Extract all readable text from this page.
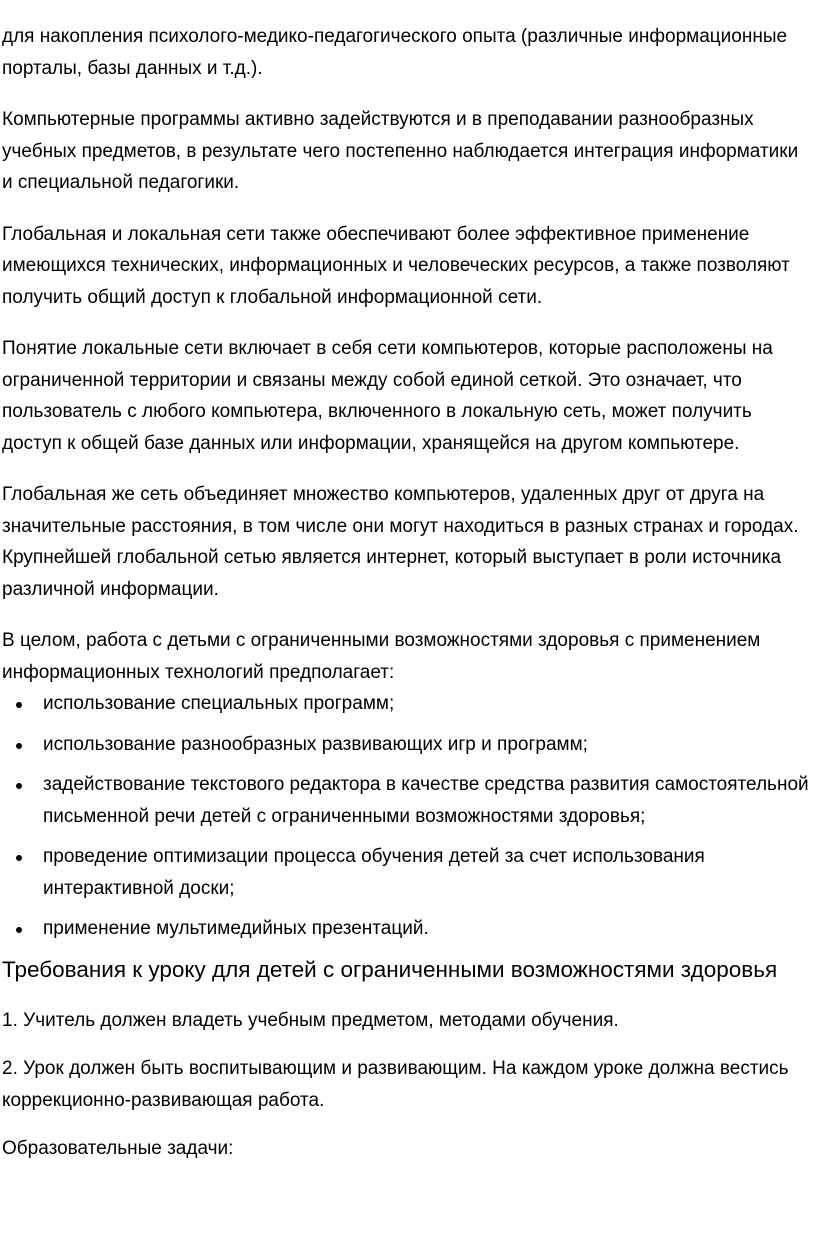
для накопления психолого-медико-педагогического опыта (различные информационные порталы, базы данных и т.д.).

Компьютерные программы активно задействуются и в преподавании разнообразных учебных предметов, в результате чего постепенно наблюдается интеграция информатики и специальной педагогики.

Глобальная и локальная сети также обеспечивают более эффективное применение имеющихся технических, информационных и человеческих ресурсов, а также позволяют получить общий доступ к глобальной информационной сети.

Понятие локальные сети включает в себя сети компьютеров, которые расположены на ограниченной территории и связаны между собой единой сеткой. Это означает, что пользователь с любого компьютера, включенного в локальную сеть, может получить доступ к общей базе данных или информации, хранящейся на другом компьютере.

Глобальная же сеть объединяет множество компьютеров, удаленных друг от друга на значительные расстояния, в том числе они могут находиться в разных странах и городах. Крупнейшей глобальной сетью является интернет, который выступает в роли источника различной информации.

В целом, работа с детьми с ограниченными возможностями здоровья с применением информационных технологий предполагает:

использование специальных программ;
использование разнообразных развивающих игр и программ;
задействование текстового редактора в качестве средства развития самостоятельной письменной речи детей с ограниченными возможностями здоровья;
проведение оптимизации процесса обучения детей за счет использования интерактивной доски;
применение мультимедийных презентаций.
Требования к уроку для детей с ограниченными возможностями здоровья

1. Учитель должен владеть учебным предметом, методами обучения.

2. Урок должен быть воспитывающим и развивающим. На каждом уроке должна вестись коррекционно-развивающая работа.

Образовательные задачи:
